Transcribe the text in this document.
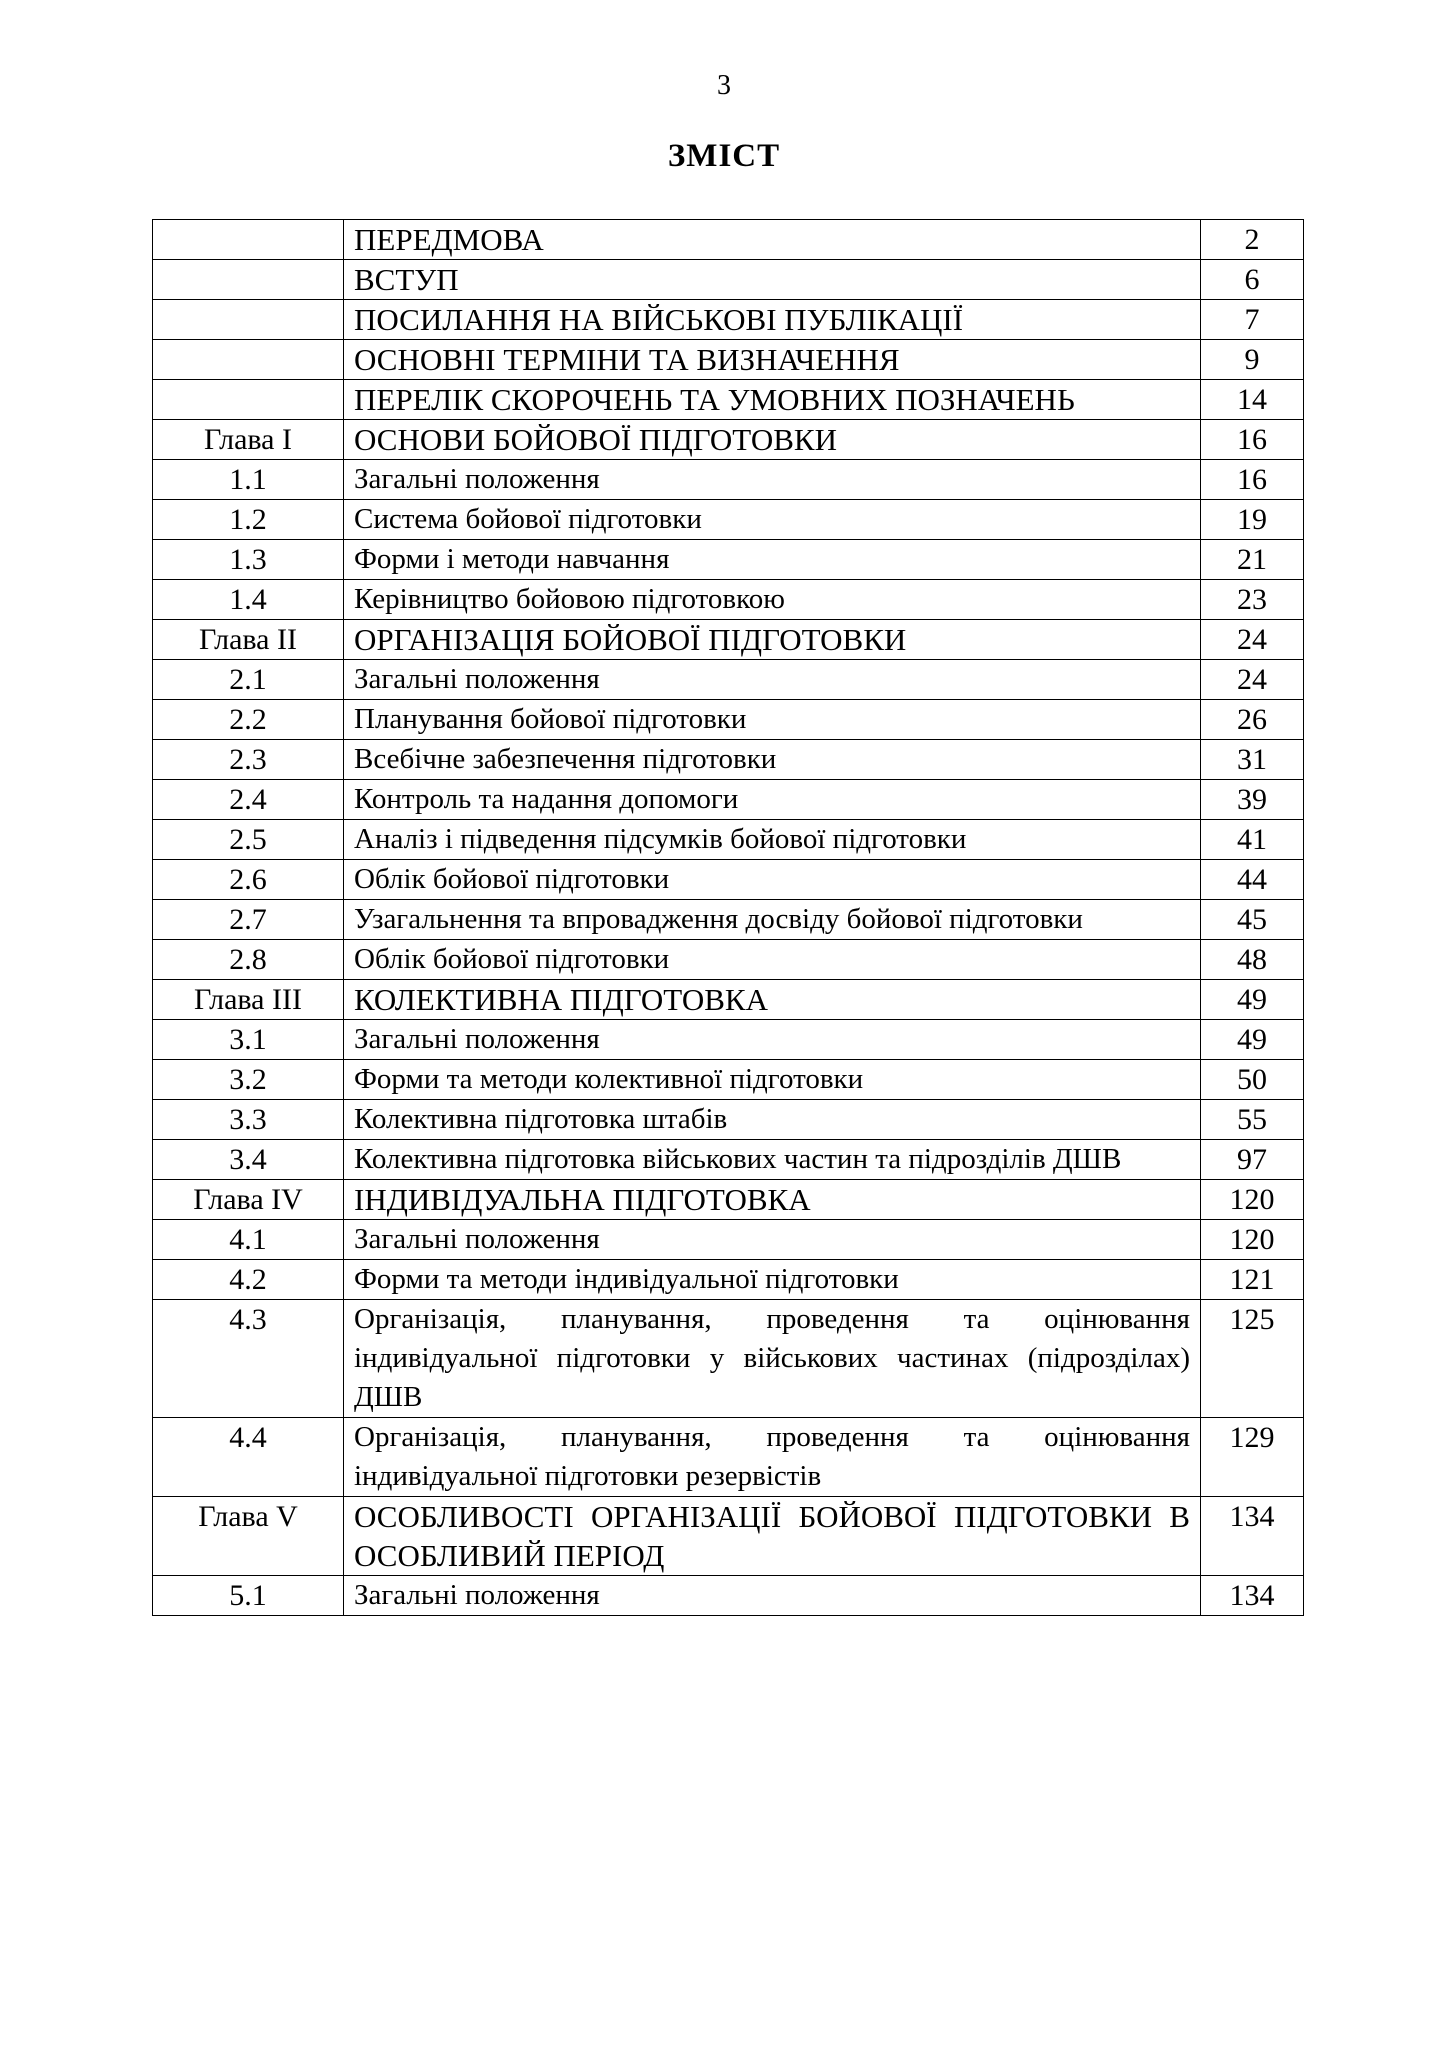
3
ЗМІСТ
	ПЕРЕДМОВА	2
	ВСТУП	6
	ПОСИЛАННЯ НА ВІЙСЬКОВІ ПУБЛІКАЦІЇ	7
	ОСНОВНІ ТЕРМІНИ ТА ВИЗНАЧЕННЯ	9
	ПЕРЕЛІК СКОРОЧЕНЬ ТА УМОВНИХ ПОЗНАЧЕНЬ	14
Глава I	ОСНОВИ БОЙОВОЇ ПІДГОТОВКИ	16
1.1	Загальні положення	16
1.2	Система бойової підготовки	19
1.3	Форми і методи навчання	21
1.4	Керівництво бойовою підготовкою	23
Глава II	ОРГАНІЗАЦІЯ БОЙОВОЇ ПІДГОТОВКИ	24
2.1	Загальні положення	24
2.2	Планування бойової підготовки	26
2.3	Всебічне забезпечення підготовки	31
2.4	Контроль та надання допомоги	39
2.5	Аналіз і підведення підсумків бойової підготовки	41
2.6	Облік бойової підготовки	44
2.7	Узагальнення та впровадження досвіду бойової підготовки	45
2.8	Облік бойової підготовки	48
Глава III	КОЛЕКТИВНА ПІДГОТОВКА	49
3.1	Загальні положення	49
3.2	Форми та методи колективної підготовки	50
3.3	Колективна підготовка штабів	55
3.4	Колективна підготовка військових частин та підрозділів ДШВ	97
Глава IV	ІНДИВІДУАЛЬНА ПІДГОТОВКА	120
4.1	Загальні положення	120
4.2	Форми та методи індивідуальної підготовки	121
4.3	Організація, планування, проведення та оцінювання індивідуальної підготовки у військових частинах (підрозділах) ДШВ	125
4.4	Організація, планування, проведення та оцінювання індивідуальної підготовки резервістів	129
Глава V	ОСОБЛИВОСТІ ОРГАНІЗАЦІЇ БОЙОВОЇ ПІДГОТОВКИ В ОСОБЛИВИЙ ПЕРІОД	134
5.1	Загальні положення	134
